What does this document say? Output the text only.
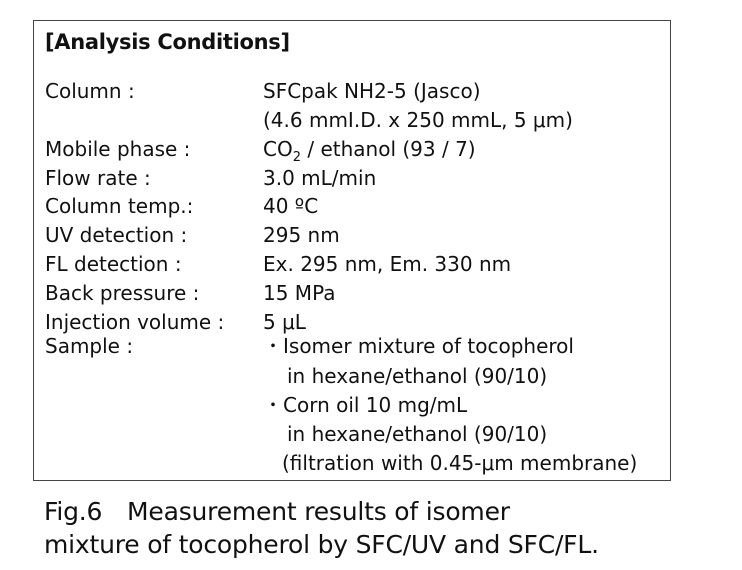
[Analysis Conditions]
Column :	SFCpak NH2-5 (Jasco)
(4.6 mmI.D. x 250 mmL, 5 μm)
Mobile phase :	$CO_2$ / ethanol (93 / 7)
Flow rate :	3.0 mL/min
Column temp.:	40 ºC
UV detection :	295 nm
FL detection :	Ex. 295 nm, Em. 330 nm
Back pressure :	15 MPa
Injection volume : 5 μL
Sample :	・Isomer mixture of tocopherol
in hexane/ethanol (90/10)
・Corn oil 10 mg/mL
in hexane/ethanol (90/10)
(filtration with 0.45-μm membrane)
Fig.6　Measurement results of isomer
mixture of tocopherol by SFC/UV and SFC/FL.
